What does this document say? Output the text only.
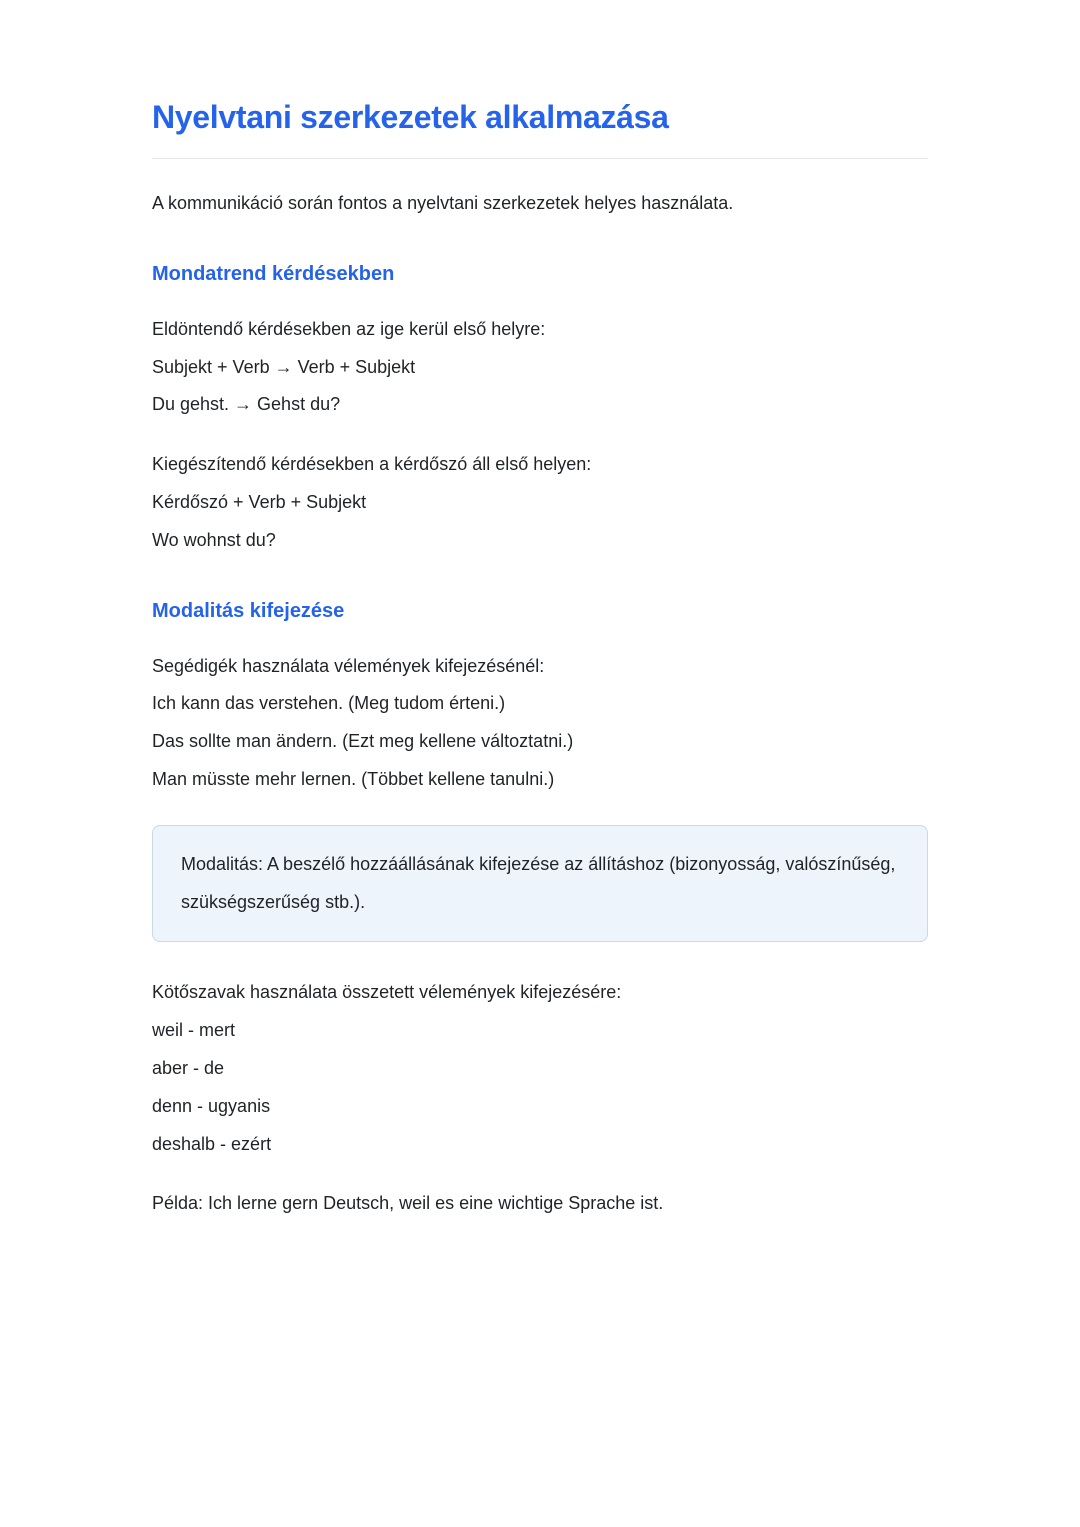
Nyelvtani szerkezetek alkalmazása

A kommunikáció során fontos a nyelvtani szerkezetek helyes használata.

Mondatrend kérdésekben

Eldöntendő kérdésekben az ige kerül első helyre:
Subjekt + Verb → Verb + Subjekt
Du gehst. → Gehst du?

Kiegészítendő kérdésekben a kérdőszó áll első helyen:
Kérdőszó + Verb + Subjekt
Wo wohnst du?

Modalitás kifejezése

Segédigék használata vélemények kifejezésénél:
Ich kann das verstehen. (Meg tudom érteni.)
Das sollte man ändern. (Ezt meg kellene változtatni.)
Man müsste mehr lernen. (Többet kellene tanulni.)

Modalitás: A beszélő hozzáállásának kifejezése az állításhoz (bizonyosság, valószínűség, szükségszerűség stb.).

Kötőszavak használata összetett vélemények kifejezésére:
weil - mert
aber - de
denn - ugyanis
deshalb - ezért

Példa: Ich lerne gern Deutsch, weil es eine wichtige Sprache ist.
